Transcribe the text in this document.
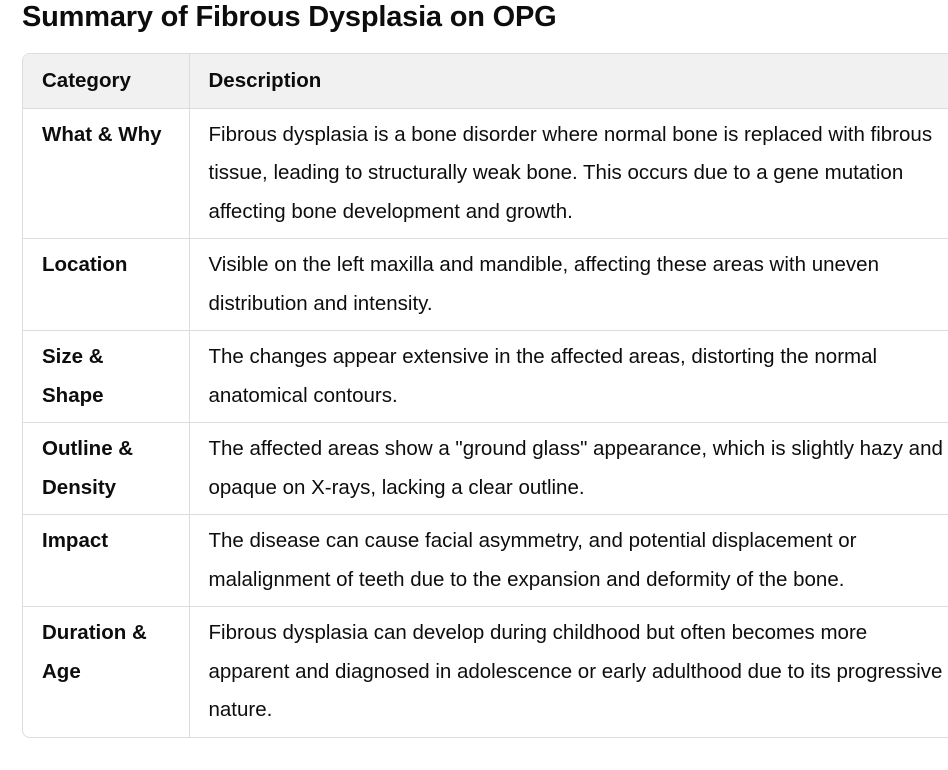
Summary of Fibrous Dysplasia on OPG
Category	Description
What & Why	Fibrous dysplasia is a bone disorder where normal bone is replaced with fibrous tissue, leading to structurally weak bone. This occurs due to a gene mutation affecting bone development and growth.
Location	Visible on the left maxilla and mandible, affecting these areas with uneven distribution and intensity.
Size & Shape	The changes appear extensive in the affected areas, distorting the normal anatomical contours.
Outline & Density	The affected areas show a "ground glass" appearance, which is slightly hazy and opaque on X-rays, lacking a clear outline.
Impact	The disease can cause facial asymmetry, and potential displacement or malalignment of teeth due to the expansion and deformity of the bone.
Duration & Age	Fibrous dysplasia can develop during childhood but often becomes more apparent and diagnosed in adolescence or early adulthood due to its progressive nature.
